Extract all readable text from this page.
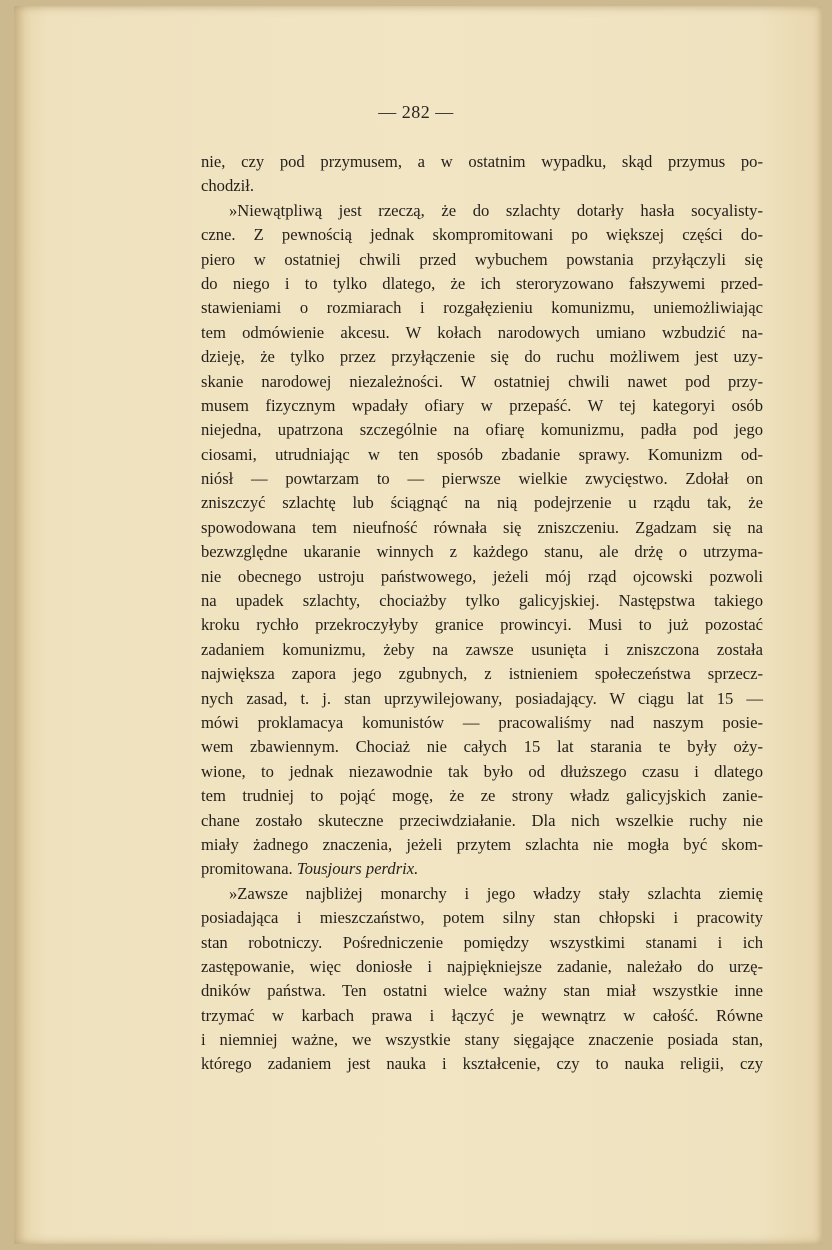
— 282 —
nie, czy pod przymusem, a w ostatnim wypadku, skąd przymus po-
chodził.
»Niewątpliwą jest rzeczą, że do szlachty dotarły hasła socyalisty-
czne. Z pewnością jednak skompromitowani po większej części do-
piero w ostatniej chwili przed wybuchem powstania przyłączyli się
do niego i to tylko dlatego, że ich steroryzowano fałszywemi przed-
stawieniami o rozmiarach i rozgałęzieniu komunizmu, uniemożliwiając
tem odmówienie akcesu. W kołach narodowych umiano wzbudzić na-
dzieję, że tylko przez przyłączenie się do ruchu możliwem jest uzy-
skanie narodowej niezależności. W ostatniej chwili nawet pod przy-
musem fizycznym wpadały ofiary w przepaść. W tej kategoryi osób
niejedna, upatrzona szczególnie na ofiarę komunizmu, padła pod jego
ciosami, utrudniając w ten sposób zbadanie sprawy. Komunizm od-
niósł — powtarzam to — pierwsze wielkie zwycięstwo. Zdołał on
zniszczyć szlachtę lub ściągnąć na nią podejrzenie u rządu tak, że
spowodowana tem nieufność równała się zniszczeniu. Zgadzam się na
bezwzględne ukaranie winnych z każdego stanu, ale drżę o utrzyma-
nie obecnego ustroju państwowego, jeżeli mój rząd ojcowski pozwoli
na upadek szlachty, chociażby tylko galicyjskiej. Następstwa takiego
kroku rychło przekroczyłyby granice prowincyi. Musi to już pozostać
zadaniem komunizmu, żeby na zawsze usunięta i zniszczona została
największa zapora jego zgubnych, z istnieniem społeczeństwa sprzecz-
nych zasad, t. j. stan uprzywilejowany, posiadający. W ciągu lat 15 —
mówi proklamacya komunistów — pracowaliśmy nad naszym posie-
wem zbawiennym. Chociaż nie całych 15 lat starania te były oży-
wione, to jednak niezawodnie tak było od dłuższego czasu i dlatego
tem trudniej to pojąć mogę, że ze strony władz galicyjskich zanie-
chane zostało skuteczne przeciwdziałanie. Dla nich wszelkie ruchy nie
miały żadnego znaczenia, jeżeli przytem szlachta nie mogła być skom-
promitowana. Tousjours perdrix.
»Zawsze najbliżej monarchy i jego władzy stały szlachta ziemię
posiadająca i mieszczaństwo, potem silny stan chłopski i pracowity
stan robotniczy. Pośredniczenie pomiędzy wszystkimi stanami i ich
zastępowanie, więc doniosłe i najpiękniejsze zadanie, należało do urzę-
dników państwa. Ten ostatni wielce ważny stan miał wszystkie inne
trzymać w karbach prawa i łączyć je wewnątrz w całość. Równe
i niemniej ważne, we wszystkie stany sięgające znaczenie posiada stan,
którego zadaniem jest nauka i kształcenie, czy to nauka religii, czy
